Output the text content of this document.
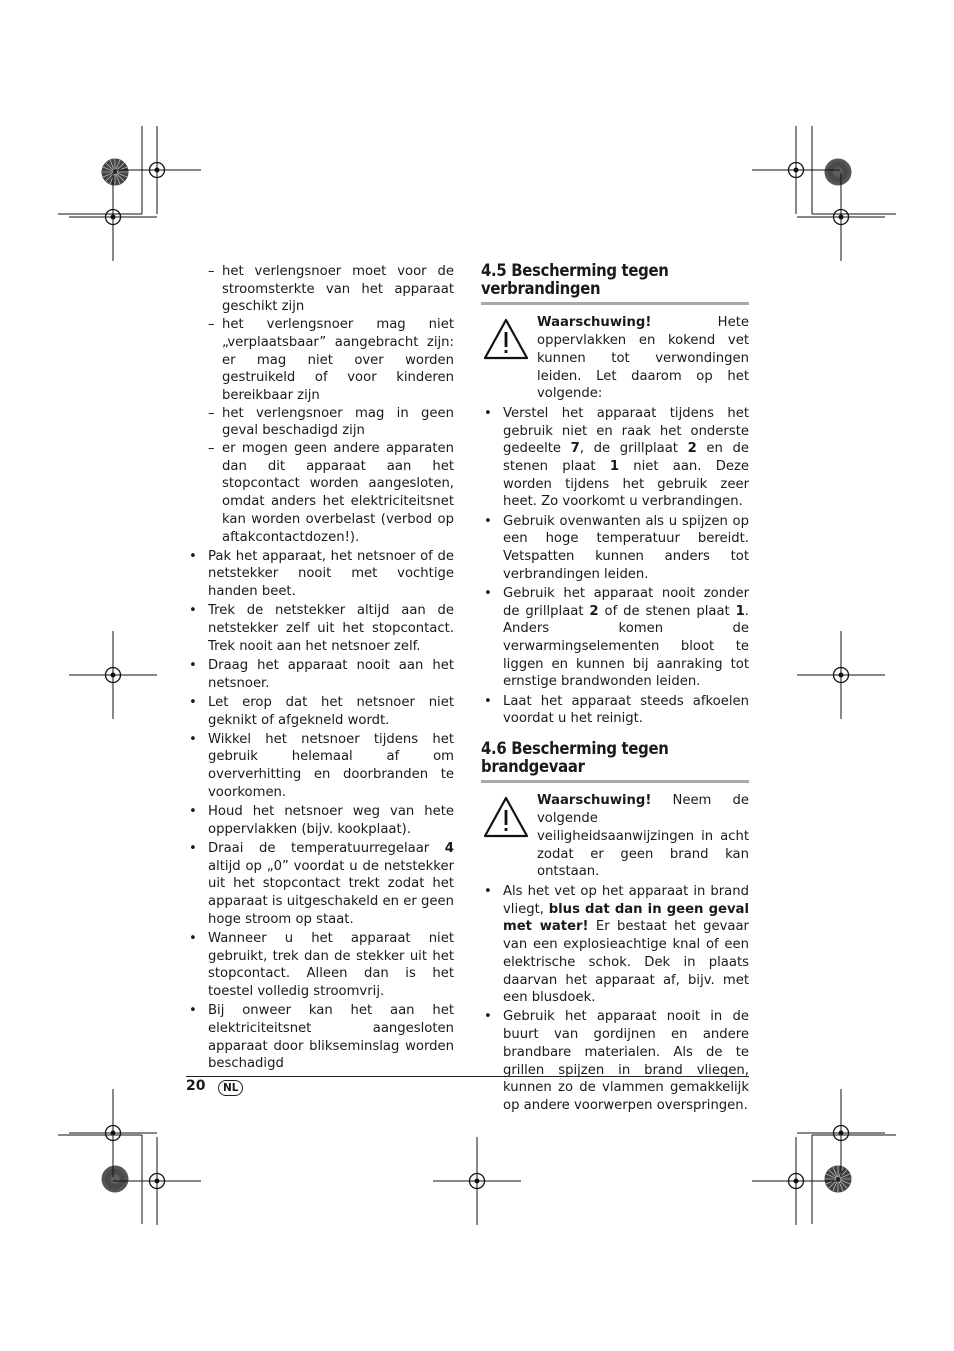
– het verlengsnoer moet voor de stroomsterkte van het apparaat geschikt zijn
– het verlengsnoer mag niet „verplaatsbaar” aangebracht zijn: er mag niet over worden gestruikeld of voor kinderen bereikbaar zijn
– het verlengsnoer mag in geen geval beschadigd zijn
– er mogen geen andere apparaten dan dit apparaat aan het stopcontact worden aangesloten, omdat anders het elektriciteitsnet kan worden overbelast (verbod op aftakcontactdozen!).
• Pak het apparaat, het netsnoer of de netstekker nooit met vochtige handen beet.
• Trek de netstekker altijd aan de netstekker zelf uit het stopcontact. Trek nooit aan het netsnoer zelf.
• Draag het apparaat nooit aan het netsnoer.
• Let erop dat het netsnoer niet geknikt of afgekneld wordt.
• Wikkel het netsnoer tijdens het gebruik helemaal af om oververhitting en doorbranden te voorkomen.
• Houd het netsnoer weg van hete oppervlakken (bijv. kookplaat).
• Draai de temperatuurregelaar 4 altijd op „0” voordat u de netstekker uit het stopcontact trekt zodat het apparaat is uitgeschakeld en er geen hoge stroom op staat.
• Wanneer u het apparaat niet gebruikt, trek dan de stekker uit het stopcontact. Alleen dan is het toestel volledig stroomvrij.
• Bij onweer kan het aan het elektriciteitsnet aangesloten apparaat door blikseminslag worden beschadigd
4.5 Bescherming tegen verbrandingen
Waarschuwing!	Hete oppervlakken en kokend vet kunnen tot verwondingen leiden. Let daarom op het volgende:
• Verstel het apparaat tijdens het gebruik niet en raak het onderste gedeelte 7, de grillplaat 2 en de stenen plaat 1 niet aan. Deze worden tijdens het gebruik zeer heet. Zo voorkomt u verbrandingen.
• Gebruik ovenwanten als u spijzen op een hoge temperatuur bereidt. Vetspatten kunnen anders tot verbrandingen leiden.
• Gebruik het apparaat nooit zonder de grillplaat 2 of de stenen plaat 1. Anders komen de verwarmingselementen bloot te liggen en kunnen bij aanraking tot ernstige brandwonden leiden.
• Laat het apparaat steeds afkoelen voordat u het reinigt.
4.6 Bescherming tegen brandgevaar
Waarschuwing! Neem de volgende veiligheidsaanwijzingen in acht zodat er geen brand kan ontstaan.
• Als het vet op het apparaat in brand vliegt, blus dat dan in geen geval met water! Er bestaat het gevaar van een explosieachtige knal of een elektrische schok. Dek in plaats daarvan het apparaat af, bijv. met een blusdoek.
• Gebruik het apparaat nooit in de buurt van gordijnen en andere brandbare materialen. Als de te grillen spijzen in brand vliegen, kunnen zo de vlammen gemakkelijk op andere voorwerpen overspringen.
20	NL
